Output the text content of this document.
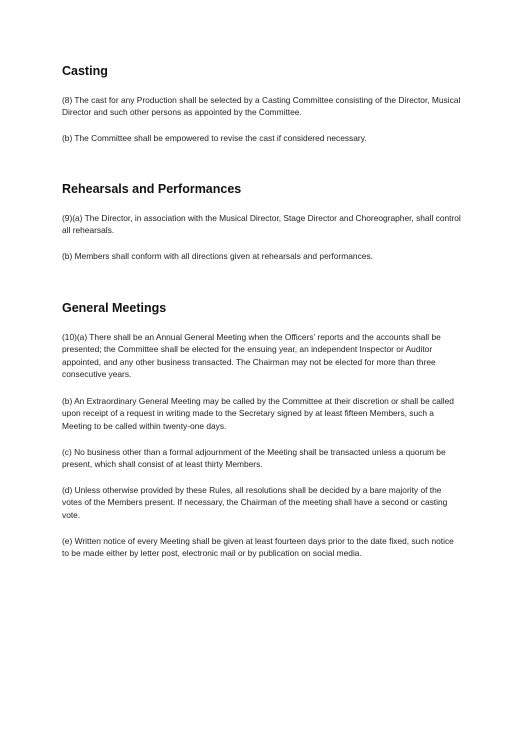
Casting

(8) The cast for any Production shall be selected by a Casting Committee consisting of the Director, Musical Director and such other persons as appointed by the Committee.

(b) The Committee shall be empowered to revise the cast if considered necessary.

Rehearsals and Performances

(9)(a) The Director, in association with the Musical Director, Stage Director and Choreographer, shall control all rehearsals.

(b) Members shall conform with all directions given at rehearsals and performances.

General Meetings

(10)(a) There shall be an Annual General Meeting when the Officers’ reports and the accounts shall be presented; the Committee shall be elected for the ensuing year, an independent Inspector or Auditor appointed, and any other business transacted. The Chairman may not be elected for more than three consecutive years.

(b) An Extraordinary General Meeting may be called by the Committee at their discretion or shall be called upon receipt of a request in writing made to the Secretary signed by at least fifteen Members, such a Meeting to be called within twenty-one days.

(c) No business other than a formal adjournment of the Meeting shall be transacted unless a quorum be present, which shall consist of at least thirty Members.

(d) Unless otherwise provided by these Rules, all resolutions shall be decided by a bare majority of the votes of the Members present. If necessary, the Chairman of the meeting shall have a second or casting vote.

(e) Written notice of every Meeting shall be given at least fourteen days prior to the date fixed, such notice to be made either by letter post, electronic mail or by publication on social media.
